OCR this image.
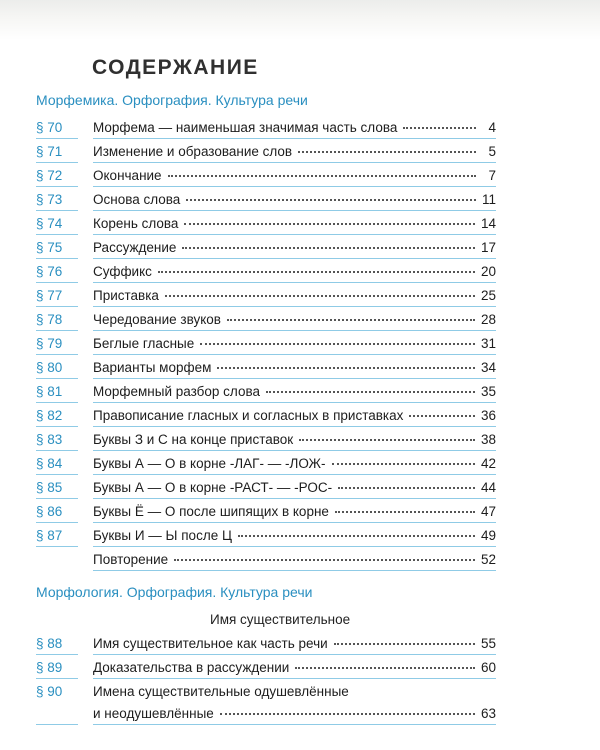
СОДЕРЖАНИЕ
Морфемика. Орфография. Культура речи
§ 70 Морфема — наименьшая значимая часть слова	4
§ 71 Изменение и образование слов	5
§ 72 Окончание	7
§ 73 Основа слова	11
§ 74 Корень слова	14
§ 75 Рассуждение	17
§ 76 Суффикс	20
§ 77 Приставка	25
§ 78 Чередование звуков	28
§ 79 Беглые гласные	31
§ 80 Варианты морфем	34
§ 81 Морфемный разбор слова	35
§ 82 Правописание гласных и согласных в приставках	36
§ 83 Буквы З и С на конце приставок	38
§ 84 Буквы А — О в корне -ЛАГ- — -ЛОЖ-	42
§ 85 Буквы А — О в корне -РАСТ- — -РОС-	44
§ 86 Буквы Ё — О после шипящих в корне	47
§ 87 Буквы И — Ы после Ц	49
Повторение	52
Морфология. Орфография. Культура речи
Имя существительное
§ 88 Имя существительное как часть речи	55
§ 89 Доказательства в рассуждении	60
§ 90 Имена существительные одушевлённые
и неодушевлённые	63
